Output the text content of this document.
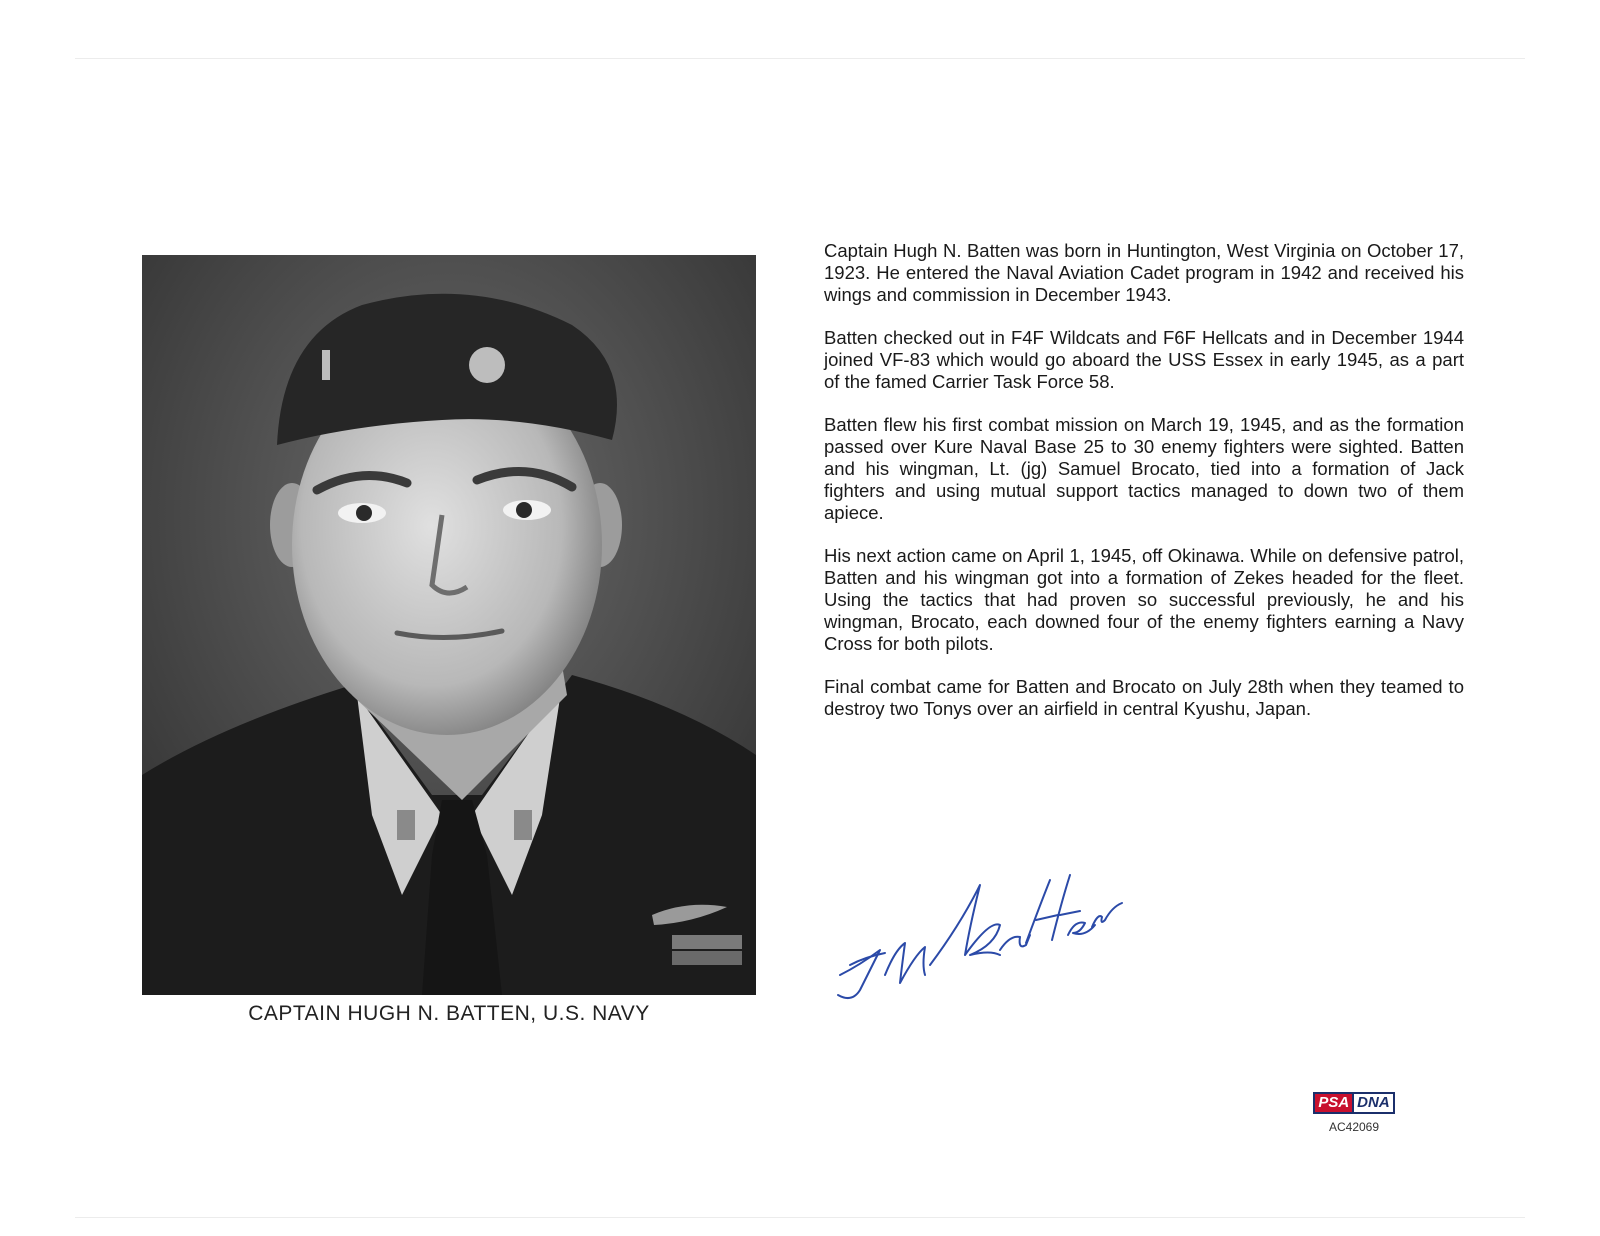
CAPTAIN HUGH N. BATTEN, U.S. NAVY

Captain Hugh N. Batten was born in Huntington, West Virginia on October 17, 1923. He entered the Naval Aviation Cadet program in 1942 and received his wings and commission in December 1943.

Batten checked out in F4F Wildcats and F6F Hellcats and in December 1944 joined VF-83 which would go aboard the USS Essex in early 1945, as a part of the famed Carrier Task Force 58.

Batten flew his first combat mission on March 19, 1945, and as the formation passed over Kure Naval Base 25 to 30 enemy fighters were sighted. Batten and his wingman, Lt. (jg) Samuel Brocato, tied into a formation of Jack fighters and using mutual support tactics managed to down two of them apiece.

His next action came on April 1, 1945, off Okinawa. While on defensive patrol, Batten and his wingman got into a formation of Zekes headed for the fleet. Using the tactics that had proven so successful previously, he and his wingman, Brocato, each downed four of the enemy fighters earning a Navy Cross for both pilots.

Final combat came for Batten and Brocato on July 28th when they teamed to destroy two Tonys over an airfield in central Kyushu, Japan.

PSA DNA
AC42069
